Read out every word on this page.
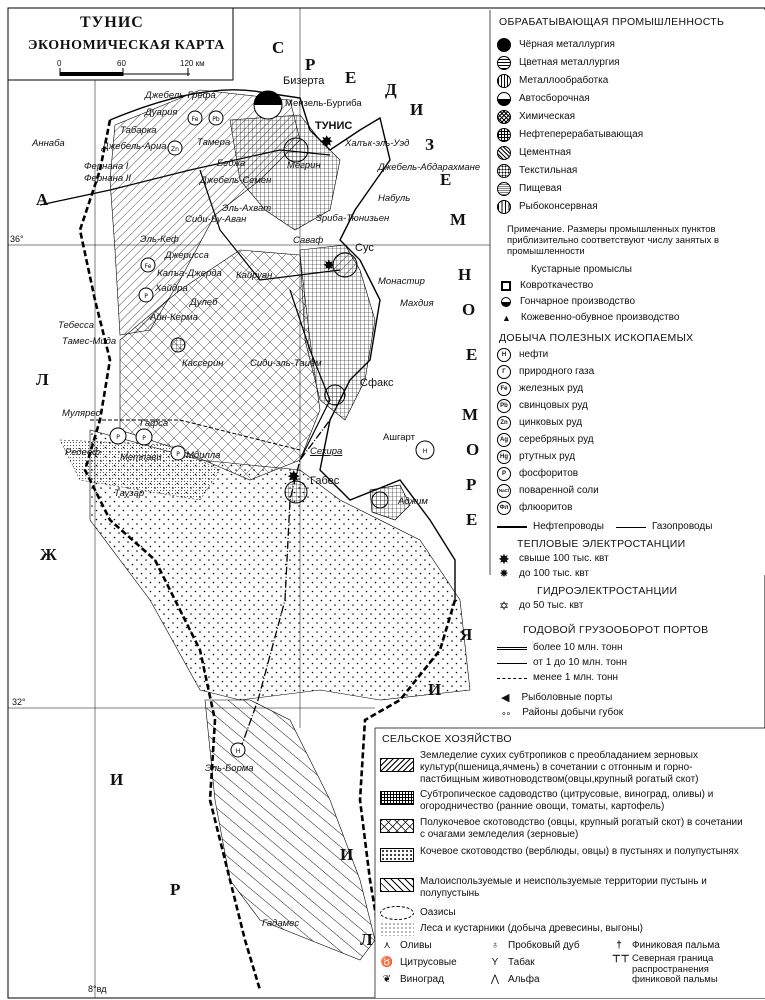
✸
✸
✸
Fe Pb
Zn
Fe
Р
Р	Р
Р	Н
Н
ТУНИС
ЭКОНОМИЧЕСКАЯ КАРТА
0	60	120 км
36°
32°
8°вд
С
Р
Е
Д
И
З
Е
М
Н
О
Е
М
О
Р
Е
А
Л
Ж
И
Р
Л
И
И
Я
Бизерта
Мензель-Бургиба
Джебель-Грефа
Дуария
Табарка
Аннаба	Джебель-Ариа
Фернана I
Фернана II
Тамера
Беджа
ТУНИС
Халък-эль-Уэд
Джебель-Абдарахмане
Набуль
Мегрин
Джебель-Семен
Эль-Ахват
Сиди-Бу-Аван	Зриба-Тюнизьен
Саваф
Эль-Кеф
Джерисса
Сус
Кайруан
Монастир
Махдия
Калъа-Джерда
Хайдра
Дулеб
Айн-Керма
Тебесса
Тамес-Мида
Кассерин	Сиди-эль-Таием
Сфакс
Мулярес
Гафса
Ашгарт
Редееф Метлави	Мдилла	Сехира
Таузар
Габес
Аджим
Эль-Борма
Гадамес
ОБРАБАТЫВАЮЩАЯ ПРОМЫШЛЕННОСТЬ
Чёрная металлургия
Цветная металлургия
Металлообработка
Автосборочная
Химическая
Нефтеперерабатывающая
Цементная
Текстильная
Пищевая
Рыбоконсервная
Примечание. Размеры промышленных пунктов приблизительно соответствуют числу занятых в промышленности
Кустарные промыслы
Ковроткачество
Гончарное производство
▲ Кожевенно-обувное производство
ДОБЫЧА ПОЛЕЗНЫХ ИСКОПАЕМЫХ
Н	нефти
Г	природного газа
Fe	железных руд
Pb	свинцовых руд
Zn	цинковых руд
Ag	серебряных руд
Hg	ртутных руд
Р	фосфоритов
NaCl поваренной соли
Фл флюоритов
Нефтепроводы	Газопроводы
ТЕПЛОВЫЕ ЭЛЕКТРОСТАНЦИИ
✸ свыше 100 тыс. квт
✸ до 100 тыс. квт
ГИДРОЭЛЕКТРОСТАНЦИИ
✡ до 50 тыс. квт
ГОДОВОЙ ГРУЗООБОРОТ ПОРТОВ
более 10 млн. тонн
от 1 до 10 млн. тонн
менее 1 млн. тонн
◀ Рыболовные порты
∘∘ Районы добычи губок
СЕЛЬСКОЕ ХОЗЯЙСТВО
Земледелие сухих субтропиков с преобладанием зерновых культур(пшеница,ячмень) в сочетании с отгонным и горно-пастбищным животноводством(овцы,крупный рогатый скот)
Субтропическое садоводство (цитрусовые, виноград, оливы) и огородничество (ранние овощи, томаты, картофель)
Полукочевое скотоводство (овцы, крупный рогатый скот) в сочетании с очагами земледелия (зерновые)
Кочевое скотоводство (верблюды, овцы) в пустынях и полупустынях
Малоиспользуемые и неиспользуемые территории пустынь и полупустынь
Оазисы
Леса и кустарники (добыча древесины, выгоны)
⋏ Оливы	♁ Пробковый дуб	†	Финиковая пальма
♉ Цитрусовые	Υ Табак	⊤⊤ Северная граница распространения финиковой пальмы
❦ Виноград	⋀ Альфа
